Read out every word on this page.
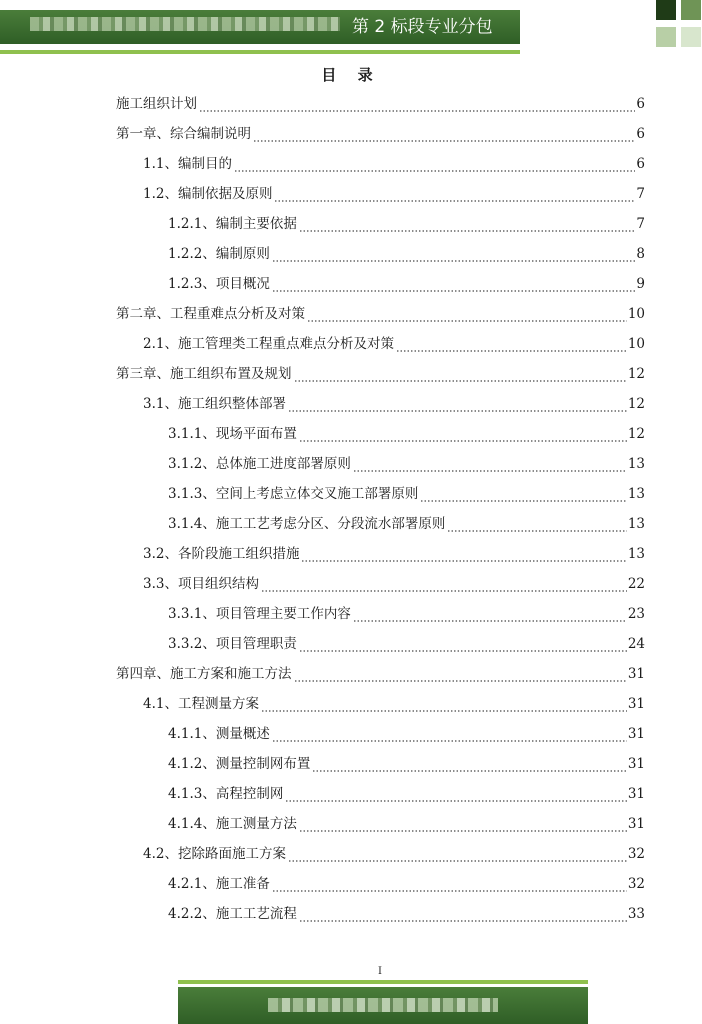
第 2 标段专业分包
目 录
施工组织计划	6
第一章、综合编制说明	6
1.1、编制目的	6
1.2、编制依据及原则	7
1.2.1、编制主要依据	7
1.2.2、编制原则	8
1.2.3、项目概况	9
第二章、工程重难点分析及对策	10
2.1、施工管理类工程重点难点分析及对策	10
第三章、施工组织布置及规划	12
3.1、施工组织整体部署	12
3.1.1、现场平面布置	12
3.1.2、总体施工进度部署原则	13
3.1.3、空间上考虑立体交叉施工部署原则	13
3.1.4、施工工艺考虑分区、分段流水部署原则	13
3.2、各阶段施工组织措施	13
3.3、项目组织结构	22
3.3.1、项目管理主要工作内容	23
3.3.2、项目管理职责	24
第四章、施工方案和施工方法	31
4.1、工程测量方案	31
4.1.1、测量概述	31
4.1.2、测量控制网布置	31
4.1.3、高程控制网	31
4.1.4、施工测量方法	31
4.2、挖除路面施工方案	32
4.2.1、施工准备	32
4.2.2、施工工艺流程	33
I
